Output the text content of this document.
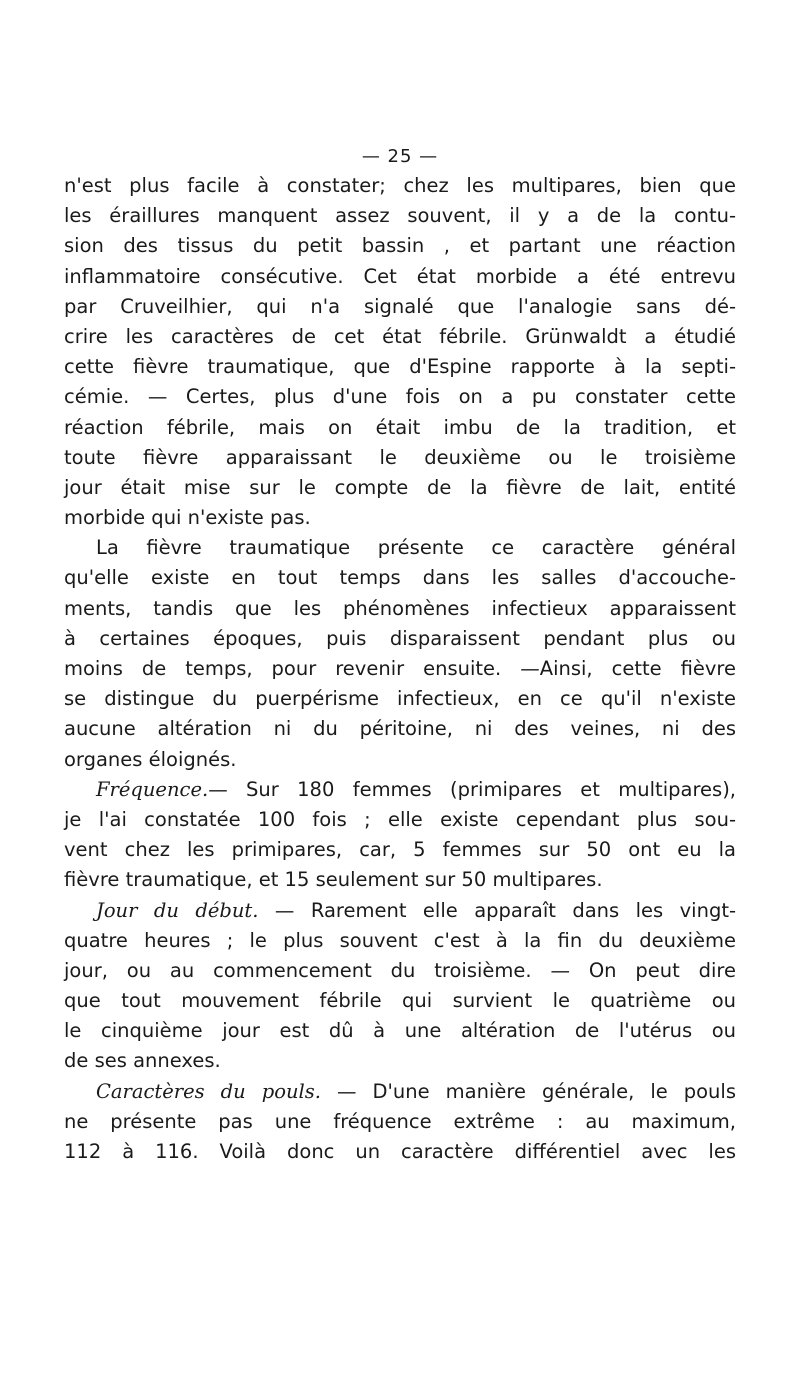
— 25 —
n'est plus facile à constater; chez les multipares, bien que
les éraillures manquent assez souvent, il y a de la contu-
sion des tissus du petit bassin , et partant une réaction
inflammatoire consécutive. Cet état morbide a été entrevu
par Cruveilhier, qui n'a signalé que l'analogie sans dé-
crire les caractères de cet état fébrile. Grünwaldt a étudié
cette fièvre traumatique, que d'Espine rapporte à la septi-
cémie. — Certes, plus d'une fois on a pu constater cette
réaction fébrile, mais on était imbu de la tradition, et
toute fièvre apparaissant le deuxième ou le troisième
jour était mise sur le compte de la fièvre de lait, entité
morbide qui n'existe pas.
La fièvre traumatique présente ce caractère général
qu'elle existe en tout temps dans les salles d'accouche-
ments, tandis que les phénomènes infectieux apparaissent
à certaines époques, puis disparaissent pendant plus ou
moins de temps, pour revenir ensuite. —Ainsi, cette fièvre
se distingue du puerpérisme infectieux, en ce qu'il n'existe
aucune altération ni du péritoine, ni des veines, ni des
organes éloignés.
Fréquence.— Sur 180 femmes (primipares et multipares),
je l'ai constatée 100 fois ; elle existe cependant plus sou-
vent chez les primipares, car, 5 femmes sur 50 ont eu la
fièvre traumatique, et 15 seulement sur 50 multipares.
Jour du début. — Rarement elle apparaît dans les vingt-
quatre heures ; le plus souvent c'est à la fin du deuxième
jour, ou au commencement du troisième. — On peut dire
que tout mouvement fébrile qui survient le quatrième ou
le cinquième jour est dû à une altération de l'utérus ou
de ses annexes.
Caractères du pouls. — D'une manière générale, le pouls
ne présente pas une fréquence extrême : au maximum,
112 à 116. Voilà donc un caractère différentiel avec les
